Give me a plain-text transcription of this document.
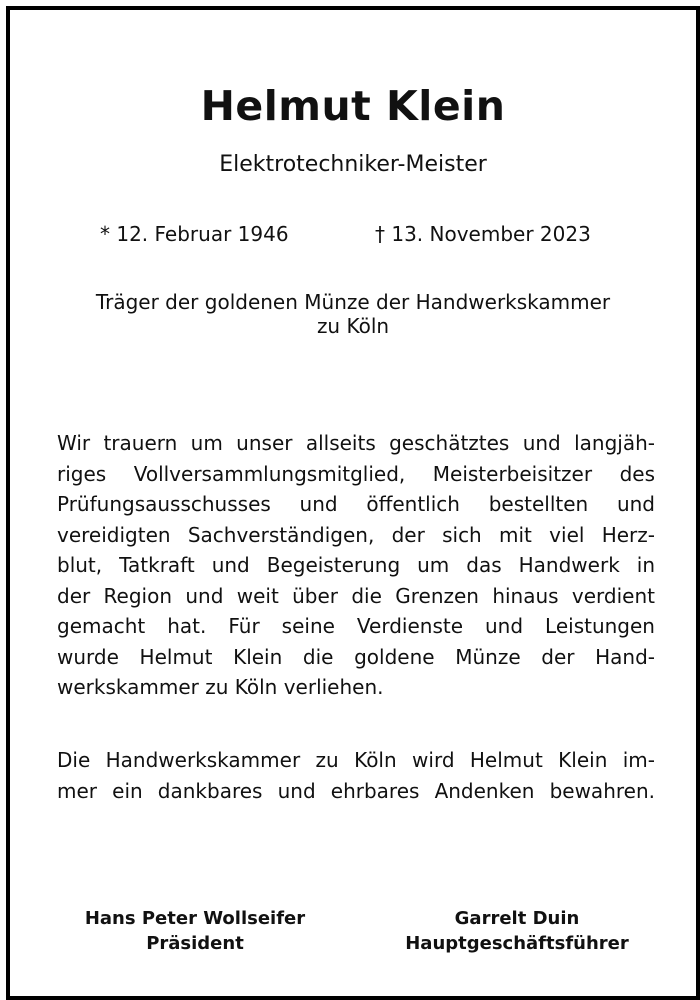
Helmut Klein
Elektrotechniker-Meister
* 12. Februar 1946	† 13. November 2023
Träger der goldenen Münze der Handwerkskammer
zu Köln
Wir trauern um unser allseits geschätztes und langjäh-
riges Vollversammlungsmitglied, Meisterbeisitzer des
Prüfungsausschusses und öffentlich bestellten und
vereidigten Sachverständigen, der sich mit viel Herz-
blut, Tatkraft und Begeisterung um das Handwerk in
der Region und weit über die Grenzen hinaus verdient
gemacht hat. Für seine Verdienste und Leistungen
wurde Helmut Klein die goldene Münze der Hand-
werkskammer zu Köln verliehen.
Die Handwerkskammer zu Köln wird Helmut Klein im-
mer ein dankbares und ehrbares Andenken bewahren.
Hans Peter Wollseifer
Präsident
Garrelt Duin
Hauptgeschäftsführer
